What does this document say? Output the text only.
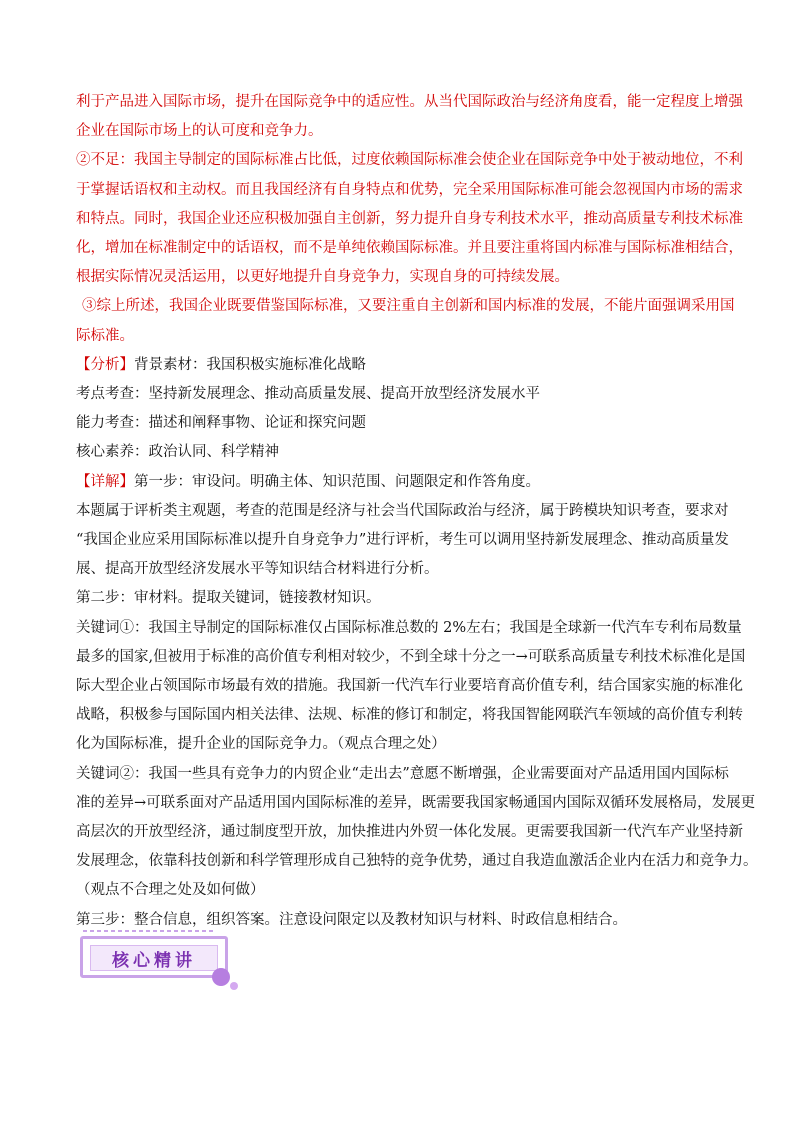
利于产品进入国际市场，提升在国际竞争中的适应性。从当代国际政治与经济角度看，能一定程度上增强

企业在国际市场上的认可度和竞争力。

②不足：我国主导制定的国际标准占比低，过度依赖国际标准会使企业在国际竞争中处于被动地位，不利

于掌握话语权和主动权。而且我国经济有自身特点和优势，完全采用国际标准可能会忽视国内市场的需求

和特点。同时，我国企业还应积极加强自主创新，努力提升自身专利技术水平，推动高质量专利技术标准

化，增加在标准制定中的话语权，而不是单纯依赖国际标准。并且要注重将国内标准与国际标准相结合，

根据实际情况灵活运用，以更好地提升自身竞争力，实现自身的可持续发展。

③综上所述，我国企业既要借鉴国际标准，又要注重自主创新和国内标准的发展，不能片面强调采用国

际标准。

【分析】背景素材：我国积极实施标准化战略

考点考查：坚持新发展理念、推动高质量发展、提高开放型经济发展水平

能力考查：描述和阐释事物、论证和探究问题

核心素养：政治认同、科学精神

【详解】第一步：审设问。明确主体、知识范围、问题限定和作答角度。

本题属于评析类主观题，考查的范围是经济与社会当代国际政治与经济，属于跨模块知识考查，要求对

“我国企业应采用国际标准以提升自身竞争力”进行评析，考生可以调用坚持新发展理念、推动高质量发

展、提高开放型经济发展水平等知识结合材料进行分析。

第二步：审材料。提取关键词，链接教材知识。

关键词①：我国主导制定的国际标准仅占国际标准总数的 2%左右；我国是全球新一代汽车专利布局数量

最多的国家,但被用于标准的高价值专利相对较少，不到全球十分之一→可联系高质量专利技术标准化是国

际大型企业占领国际市场最有效的措施。我国新一代汽车行业要培育高价值专利，结合国家实施的标准化

战略，积极参与国际国内相关法律、法规、标准的修订和制定，将我国智能网联汽车领域的高价值专利转

化为国际标准，提升企业的国际竞争力。（观点合理之处）

关键词②：我国一些具有竞争力的内贸企业“走出去”意愿不断增强，企业需要面对产品适用国内国际标

准的差异→可联系面对产品适用国内国际标准的差异，既需要我国家畅通国内国际双循环发展格局，发展更

高层次的开放型经济，通过制度型开放，加快推进内外贸一体化发展。更需要我国新一代汽车产业坚持新

发展理念，依靠科技创新和科学管理形成自己独特的竞争优势，通过自我造血激活企业内在活力和竞争力。

（观点不合理之处及如何做）

第三步：整合信息，组织答案。注意设问限定以及教材知识与材料、时政信息相结合。

核心精讲
